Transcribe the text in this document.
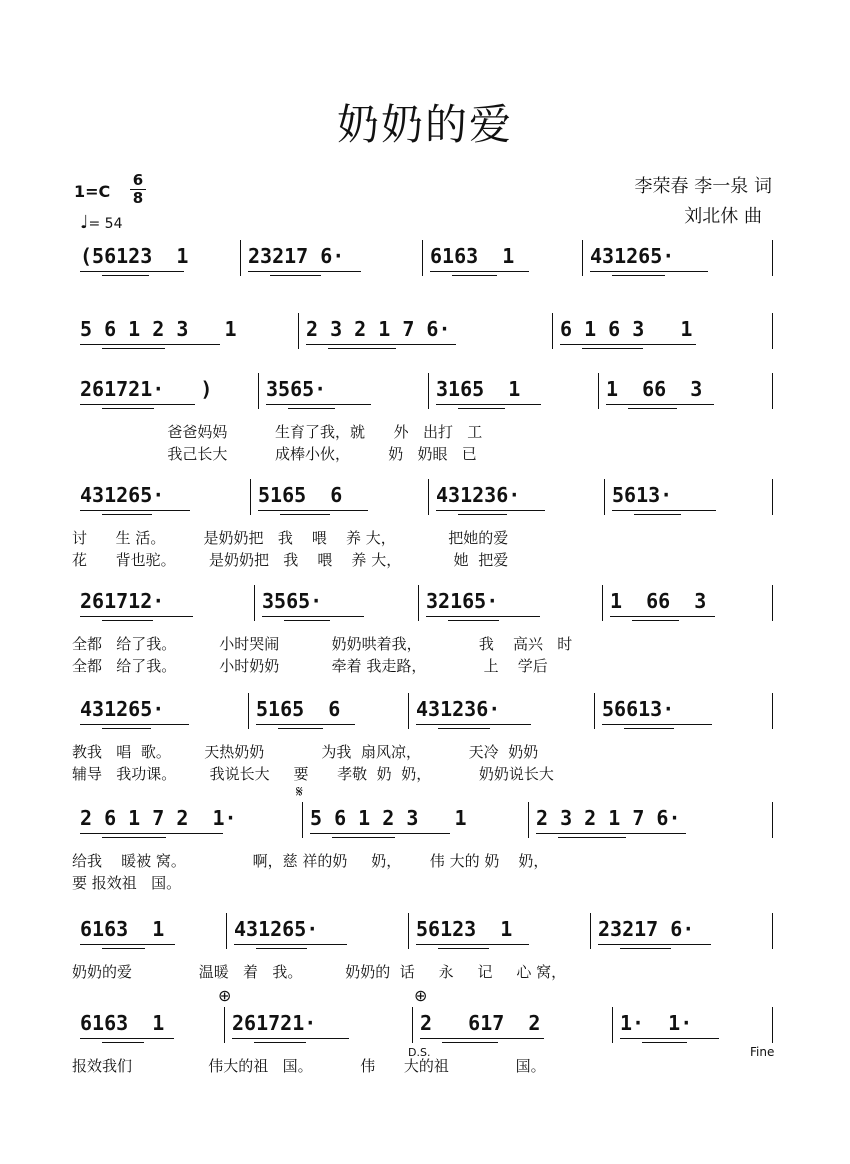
奶奶的爱
李荣春 李一泉 词
刘北休 曲
1=C
6
8
♩= 54
𝄋
⊕	⊕
D.S.	Fine
(56123  1	23217 6·	6163  1	431265·
5 6 1 2 3   1	2 3 2 1 7 6·	6 1 6 3   1
261721·   )	3565·	3165  1	1  66  3
爸爸妈妈          生育了我，就      外   出打   工
我己长大          成棒小伙，        奶   奶眼   已
431265·	5165  6	431236·	5613·
讨      生 活。        是奶奶把   我    喂    养 大，           把她的爱
花      背也驼。       是奶奶把   我    喂    养 大，           她  把爱
261712·	3565·	32165·	1  66  3
全都   给了我。         小时哭闹           奶奶哄着我，            我    高兴   时
全都   给了我。         小时奶奶           牵着 我走路，            上    学后
431265·	5165  6	431236·	56613·
教我   唱  歌。       天热奶奶            为我  扇风凉，          天冷  奶奶
辅导   我功课。       我说长大     要      孝敬  奶  奶，          奶奶说长大
2 6 1 7 2  1·	5 6 1 2 3   1	2 3 2 1 7 6·
给我    暖被 窝。              啊，慈 祥的奶     奶，      伟 大的 奶    奶，
要 报效祖   国。
6163  1	431265·	56123  1	23217 6·
奶奶的爱              温暖   着   我。         奶奶的  话     永     记     心 窝，
6163  1	261721·	2   617  2	1·  1·
报效我们                伟大的祖   国。          伟      大的祖              国。
